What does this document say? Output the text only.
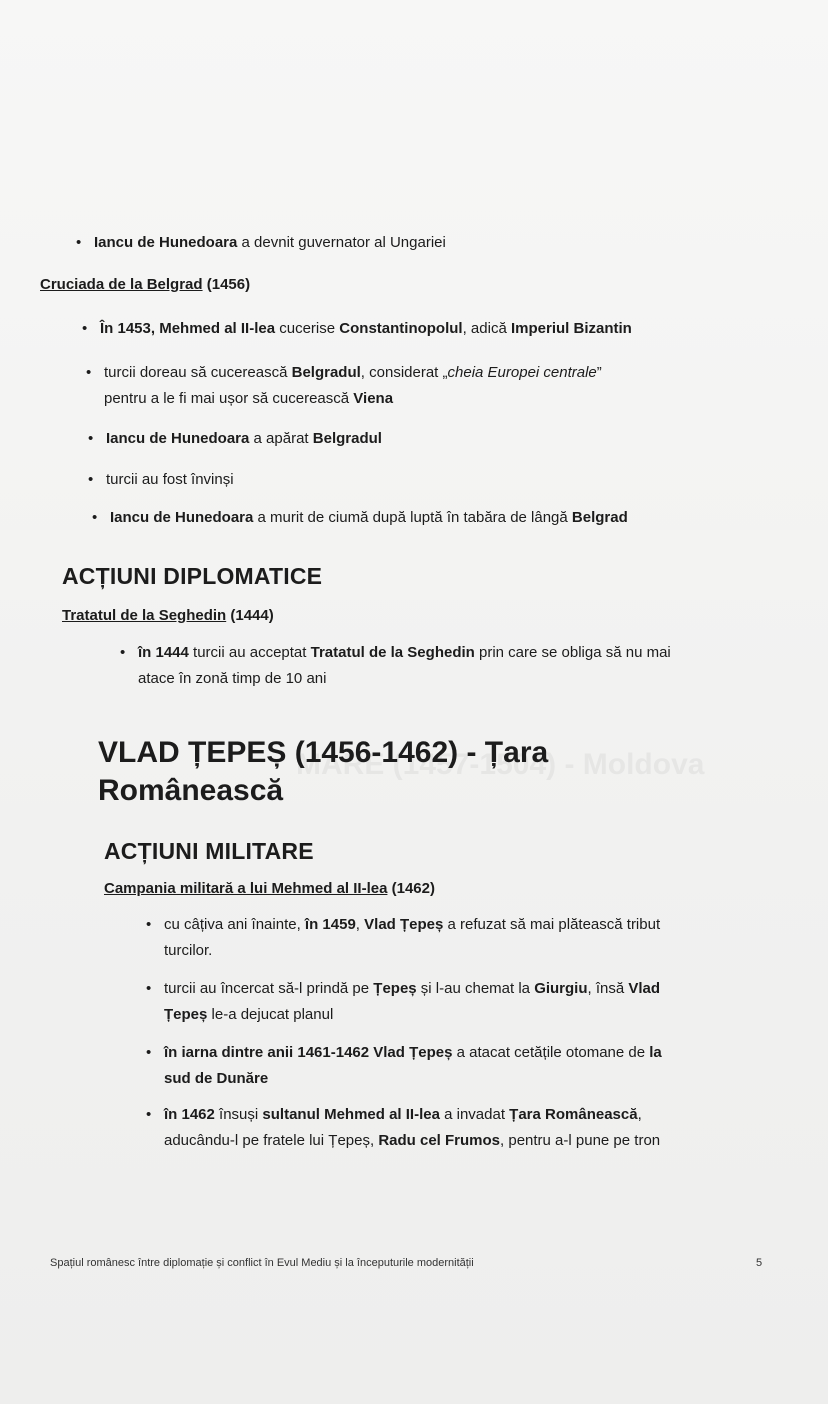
• Iancu de Hunedoara a devnit guvernator al Ungariei
Cruciada de la Belgrad (1456)
• În 1453, Mehmed al II-lea cucerise Constantinopolul, adică Imperiul Bizantin
• turcii doreau să cucerească Belgradul, considerat „cheia Europei centrale”
pentru a le fi mai ușor să cucerească Viena
• Iancu de Hunedoara a apărat Belgradul
• turcii au fost învinși
• Iancu de Hunedoara a murit de ciumă după luptă în tabăra de lângă Belgrad
ACȚIUNI DIPLOMATICE
Tratatul de la Seghedin (1444)
• în 1444 turcii au acceptat Tratatul de la Seghedin prin care se obliga să nu mai
atace în zonă timp de 10 ani
VLAD ȚEPEȘ (1456-1462) - Țara
Românească
ACȚIUNI MILITARE
Campania militară a lui Mehmed al II-lea (1462)
• cu câțiva ani înainte, în 1459, Vlad Țepeș a refuzat să mai plătească tribut
turcilor.
• turcii au încercat să-l prindă pe Țepeș și l-au chemat la Giurgiu, însă Vlad
Țepeș le-a dejucat planul
• în iarna dintre anii 1461-1462 Vlad Țepeș a atacat cetățile otomane de la
sud de Dunăre
• în 1462 însuși sultanul Mehmed al II-lea a invadat Țara Românească,
aducându-l pe fratele lui Țepeș, Radu cel Frumos, pentru a-l pune pe tron
Spațiul românesc între diplomație și conflict în Evul Mediu și la începuturile modernității	5
